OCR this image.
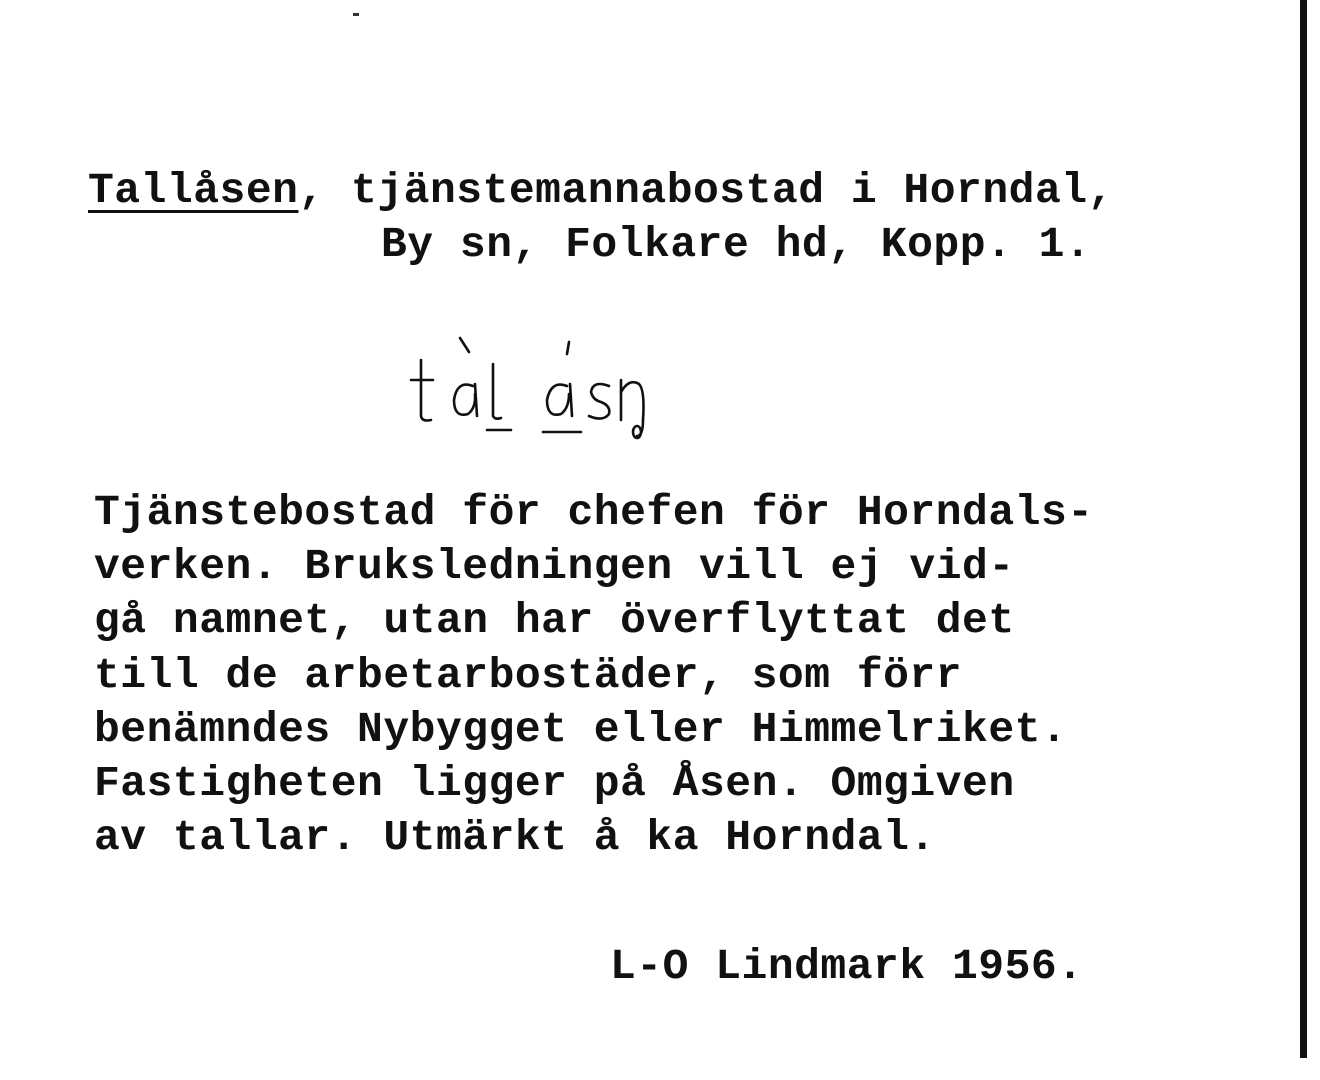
Tallåsen, tjänstemannabostad i Horndal,
By sn, Folkare hd, Kopp. 1.
Tjänstebostad för chefen för Horndals-
verken. Bruksledningen vill ej vid-
gå namnet, utan har överflyttat det
till de arbetarbostäder, som förr
benämndes Nybygget eller Himmelriket.
Fastigheten ligger på Åsen. Omgiven
av tallar. Utmärkt å ka Horndal.
L-O Lindmark 1956.
